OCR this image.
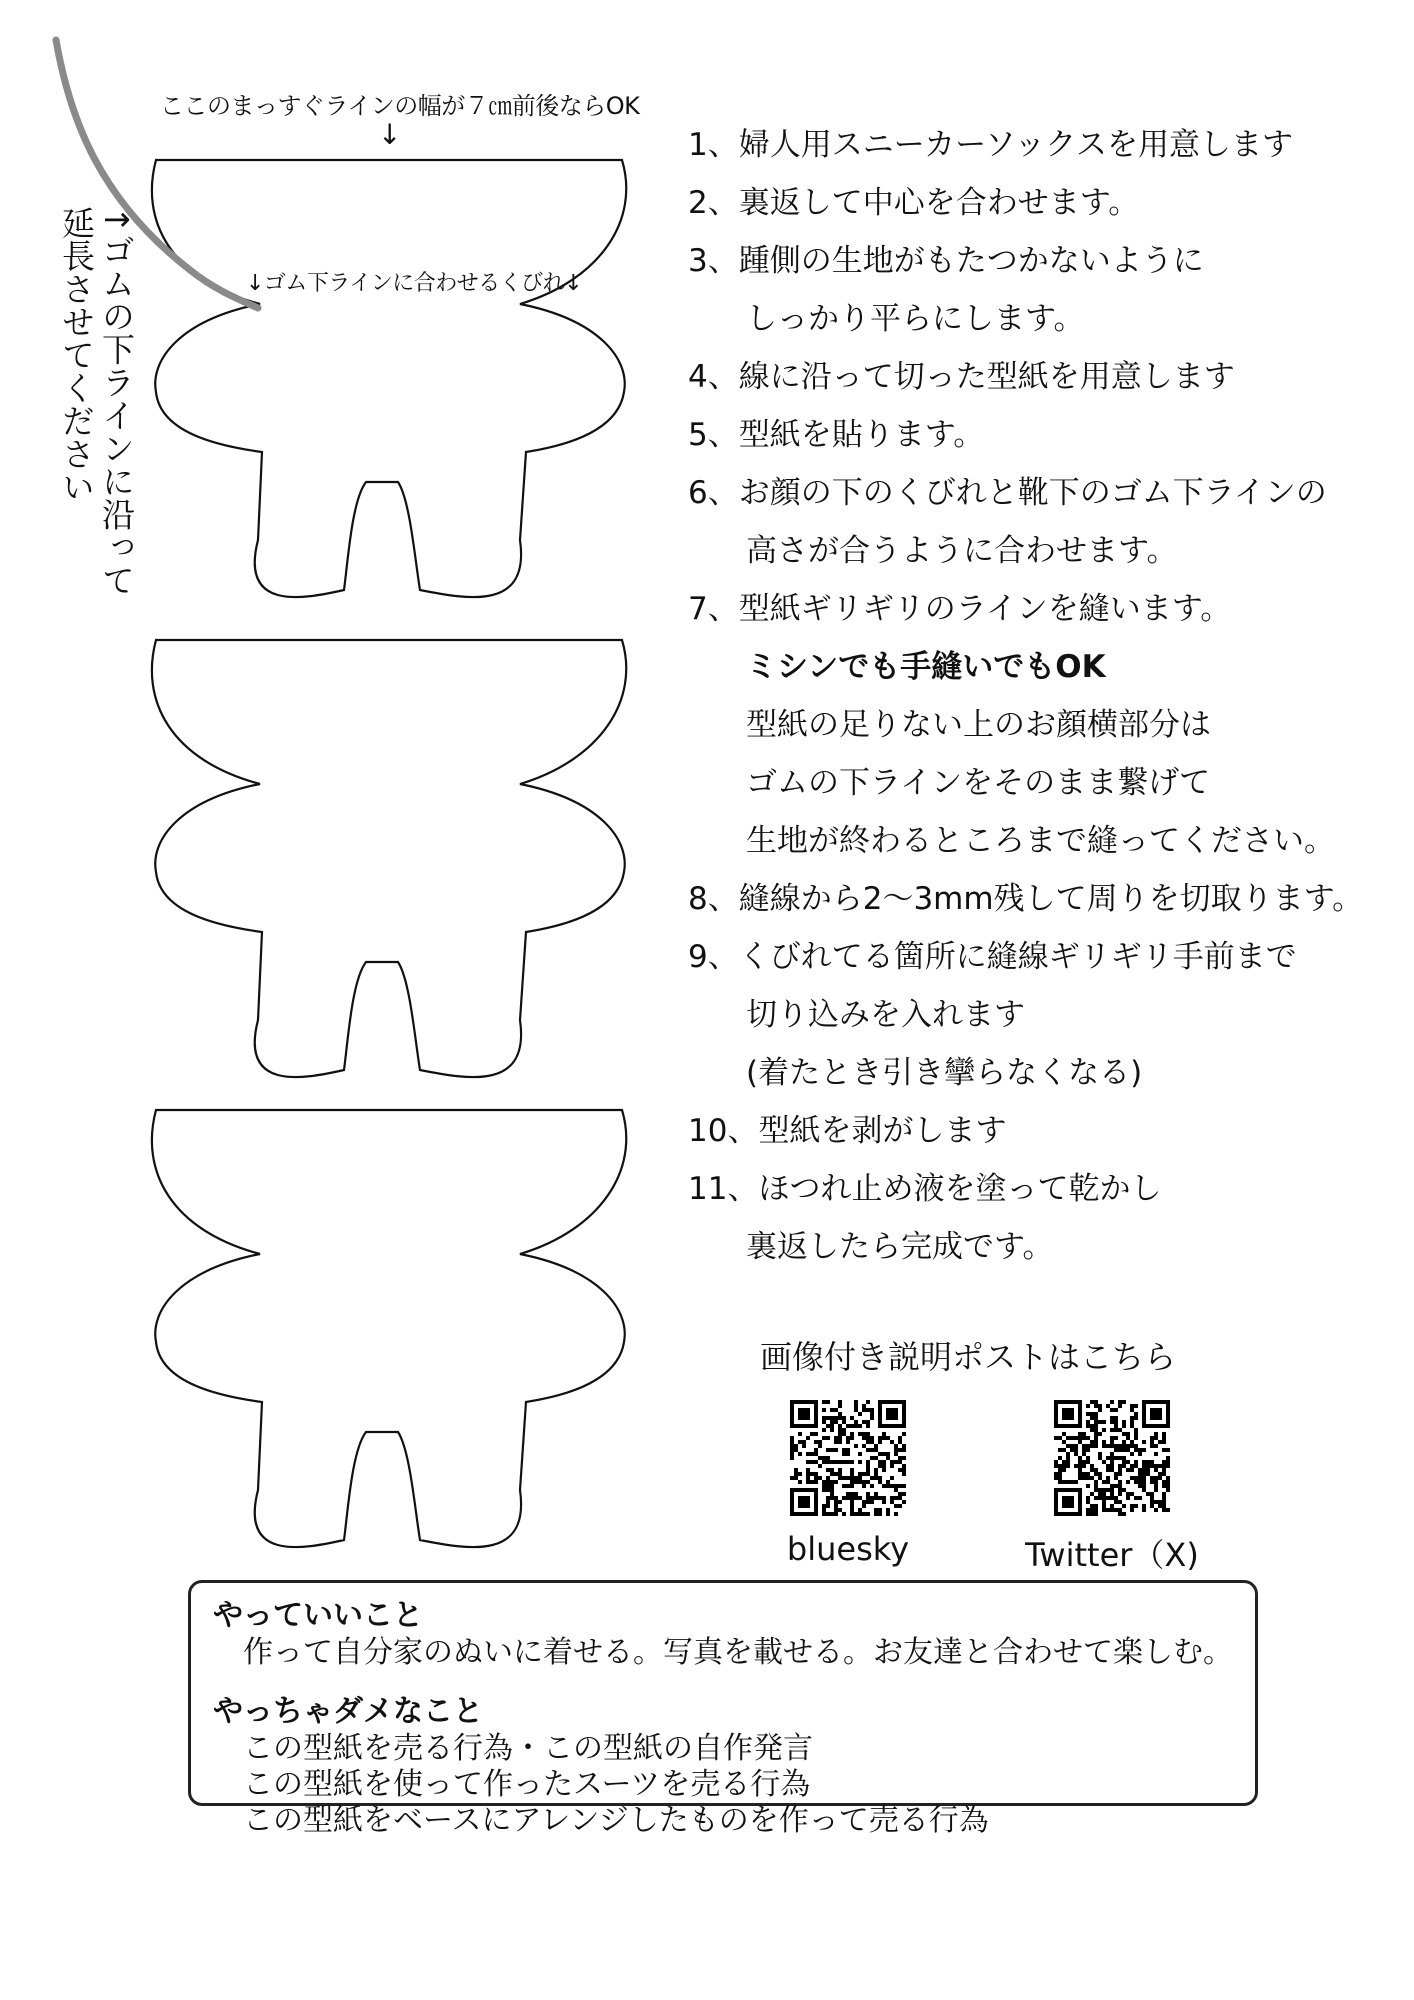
ここのまっすぐラインの幅が７㎝前後ならOK
↓
↓ゴム下ラインに合わせるくびれ↓
↑ゴムの下ラインに沿って
延長させてください
1、婦人用スニーカーソックスを用意します
2、裏返して中心を合わせます。
3、踵側の生地がもたつかないように
しっかり平らにします。
4、線に沿って切った型紙を用意します
5、型紙を貼ります。
6、お顔の下のくびれと靴下のゴム下ラインの
高さが合うように合わせます。
7、型紙ギリギリのラインを縫います。
ミシンでも手縫いでもOK
型紙の足りない上のお顔横部分は
ゴムの下ラインをそのまま繋げて
生地が終わるところまで縫ってください。
8、縫線から2～3mm残して周りを切取ります。
9、くびれてる箇所に縫線ギリギリ手前まで
切り込みを入れます
(着たとき引き攣らなくなる)
10、型紙を剥がします
11、ほつれ止め液を塗って乾かし
裏返したら完成です。
画像付き説明ポストはこちら
bluesky	Twitter（X)
やっていいこと

作って自分家のぬいに着せる。写真を載せる。お友達と合わせて楽しむ。

やっちゃダメなこと

この型紙を売る行為・この型紙の自作発言

この型紙を使って作ったスーツを売る行為

この型紙をベースにアレンジしたものを作って売る行為
